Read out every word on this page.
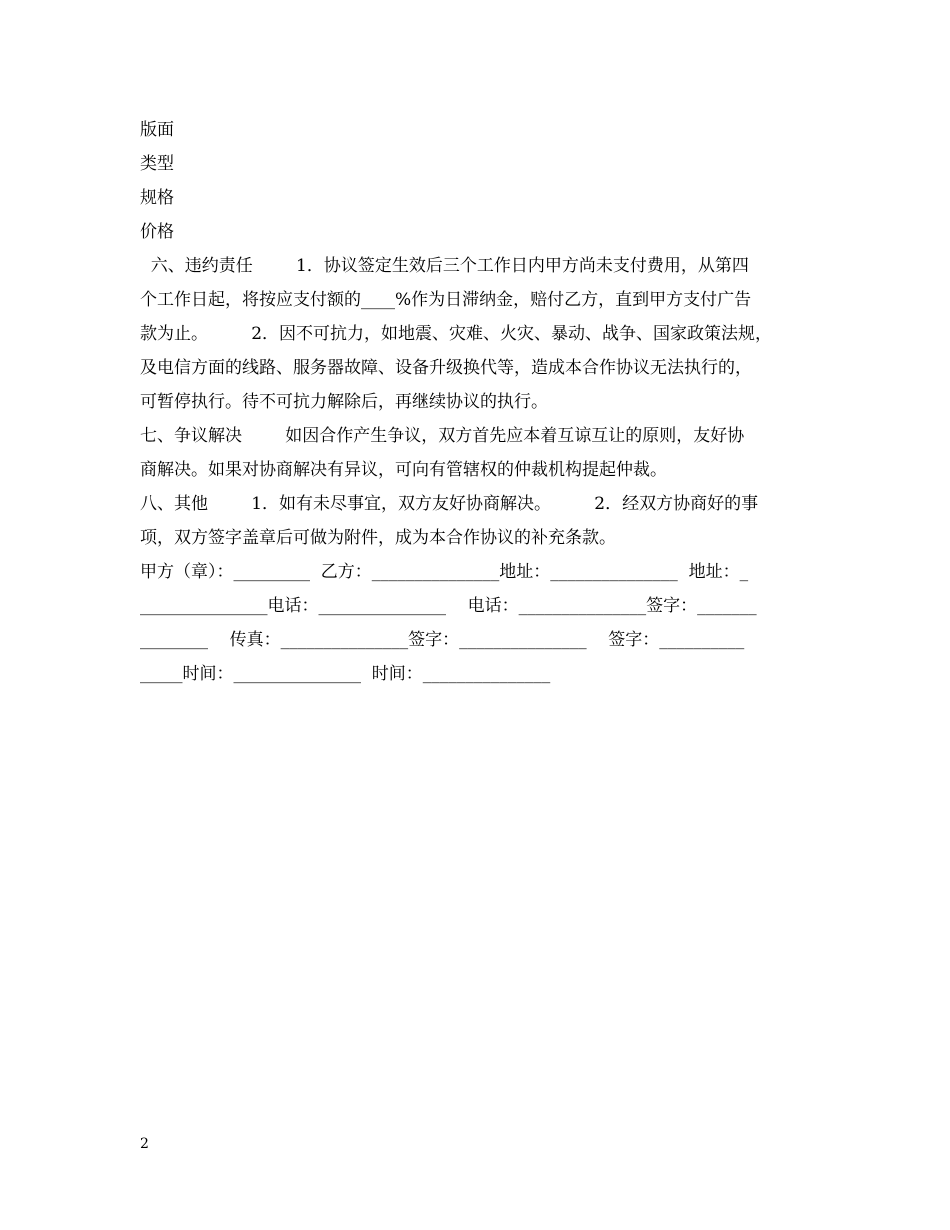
版面
类型
规格
价格
六、违约责任        1．协议签定生效后三个工作日内甲方尚未支付费用，从第四
个工作日起，将按应支付额的____%作为日滞纳金，赔付乙方，直到甲方支付广告
款为止。        2．因不可抗力，如地震、灾难、火灾、暴动、战争、国家政策法规，
及电信方面的线路、服务器故障、设备升级换代等，造成本合作协议无法执行的，
可暂停执行。待不可抗力解除后，再继续协议的执行。
七、争议解决        如因合作产生争议，双方首先应本着互谅互让的原则，友好协
商解决。如果对协商解决有异议，可向有管辖权的仲裁机构提起仲裁。
八、其他        1．如有未尽事宜，双方友好协商解决。        2．经双方协商好的事
项，双方签字盖章后可做为附件，成为本合作协议的补充条款。
甲方（章）：_________  乙方：_______________地址：_______________  地址：_
_______________电话：_______________    电话：_______________签字：_______
________    传真：_______________签字：_______________    签字：__________
_____时间：_______________  时间：_______________
2
